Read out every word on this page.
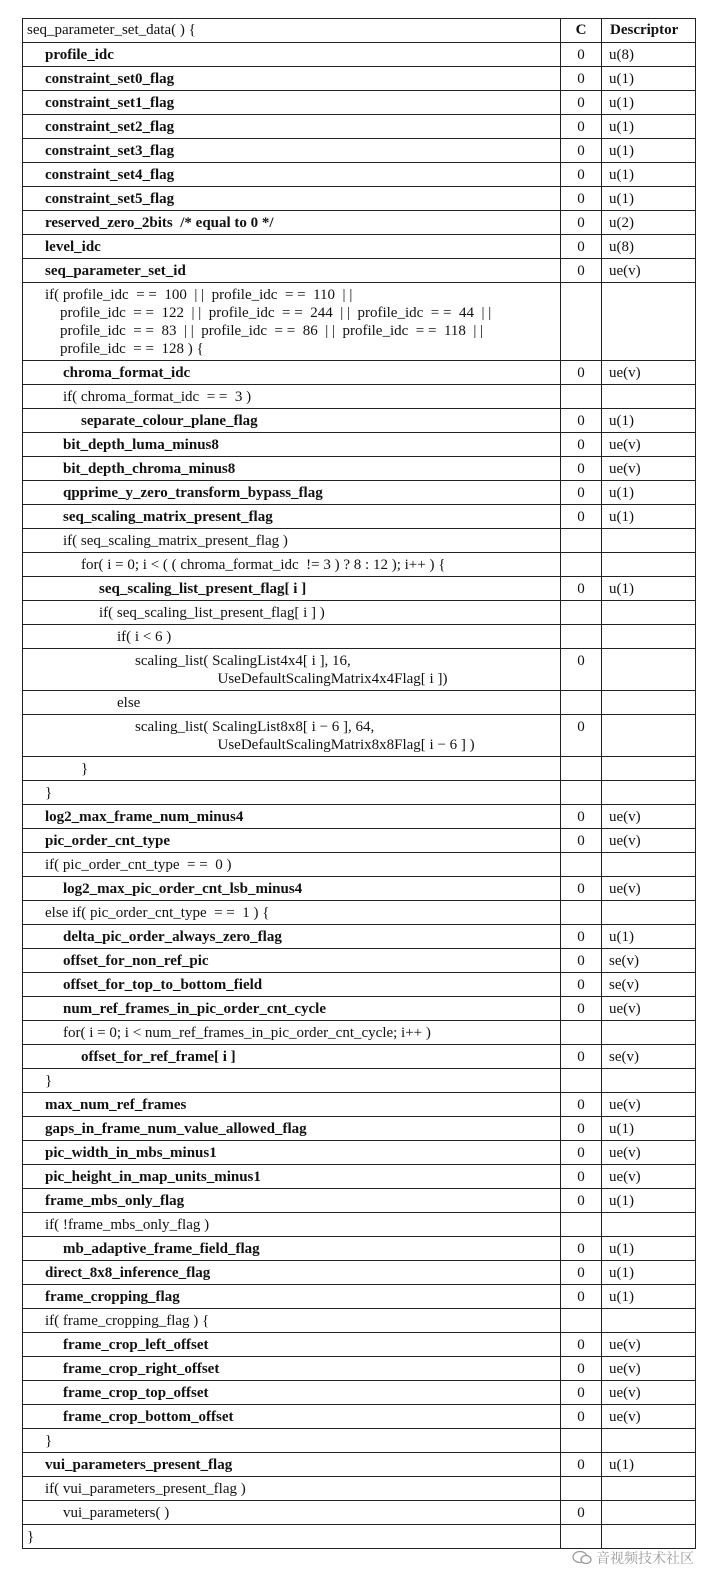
seq_parameter_set_data( ) {	C	Descriptor
profile_idc	0	u(8)
constraint_set0_flag	0	u(1)
constraint_set1_flag	0	u(1)
constraint_set2_flag	0	u(1)
constraint_set3_flag	0	u(1)
constraint_set4_flag	0	u(1)
constraint_set5_flag	0	u(1)
reserved_zero_2bits  /* equal to 0 */	0	u(2)
level_idc	0	u(8)
seq_parameter_set_id	0	ue(v)
if( profile_idc  = =  100  | |  profile_idc  = =  110  | |
profile_idc  = =  122  | |  profile_idc  = =  244  | |  profile_idc  = =  44  | |
profile_idc  = =  83  | |  profile_idc  = =  86  | |  profile_idc  = =  118  | |
profile_idc  = =  128 ) {		
chroma_format_idc	0	ue(v)
if( chroma_format_idc  = =  3 )		
separate_colour_plane_flag	0	u(1)
bit_depth_luma_minus8	0	ue(v)
bit_depth_chroma_minus8	0	ue(v)
qpprime_y_zero_transform_bypass_flag	0	u(1)
seq_scaling_matrix_present_flag	0	u(1)
if( seq_scaling_matrix_present_flag )		
for( i = 0; i < ( ( chroma_format_idc  != 3 ) ? 8 : 12 ); i++ ) {		
seq_scaling_list_present_flag[ i ]	0	u(1)
if( seq_scaling_list_present_flag[ i ] )		
if( i < 6 )		
scaling_list( ScalingList4x4[ i ], 16,
UseDefaultScalingMatrix4x4Flag[ i ])	0	
else		
scaling_list( ScalingList8x8[ i − 6 ], 64,
UseDefaultScalingMatrix8x8Flag[ i − 6 ] )	0	
}		
}		
log2_max_frame_num_minus4	0	ue(v)
pic_order_cnt_type	0	ue(v)
if( pic_order_cnt_type  = =  0 )		
log2_max_pic_order_cnt_lsb_minus4	0	ue(v)
else if( pic_order_cnt_type  = =  1 ) {		
delta_pic_order_always_zero_flag	0	u(1)
offset_for_non_ref_pic	0	se(v)
offset_for_top_to_bottom_field	0	se(v)
num_ref_frames_in_pic_order_cnt_cycle	0	ue(v)
for( i = 0; i < num_ref_frames_in_pic_order_cnt_cycle; i++ )		
offset_for_ref_frame[ i ]	0	se(v)
}		
max_num_ref_frames	0	ue(v)
gaps_in_frame_num_value_allowed_flag	0	u(1)
pic_width_in_mbs_minus1	0	ue(v)
pic_height_in_map_units_minus1	0	ue(v)
frame_mbs_only_flag	0	u(1)
if( !frame_mbs_only_flag )		
mb_adaptive_frame_field_flag	0	u(1)
direct_8x8_inference_flag	0	u(1)
frame_cropping_flag	0	u(1)
if( frame_cropping_flag ) {		
frame_crop_left_offset	0	ue(v)
frame_crop_right_offset	0	ue(v)
frame_crop_top_offset	0	ue(v)
frame_crop_bottom_offset	0	ue(v)
}		
vui_parameters_present_flag	0	u(1)
if( vui_parameters_present_flag )		
vui_parameters( )	0	
}		
音视频技术社区
